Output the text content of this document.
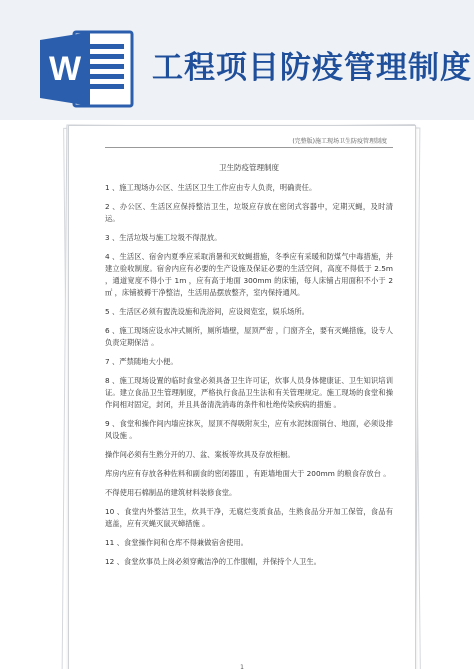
W 工程项目防疫管理制度
(完整版)施工现场卫生防疫管理制度
卫生防疫管理制度

1 、施工现场办公区、生活区卫生工作应由专人负责，明确责任。

2 、办公区、生活区应保持整洁卫生，垃圾应存放在密闭式容器中，定期灭蝇，及时清运。

3 、生活垃圾与施工垃圾不得混放。

4 、生活区、宿舍内夏季应采取消暑和灭蚊蝇措施，冬季应有采暖和防煤气中毒措施，并建立验收制度。宿舍内应有必要的生产设施及保证必要的生活空间，高度不得低于 2.5m ，通道宽度不得小于 1m ，应有高于地面 300mm 的床铺，每人床铺占用面积不小于 2 ㎡ ，床铺被褥干净整洁，生活用品摆放整齐，室内保持通风。

5 、生活区必须有盥洗设施和洗浴间，应设阅览室，娱乐场所。

6 、施工现场应设水冲式厕所，厕所墙壁，屋顶严密 ，门窗齐全，要有灭蝇措施，设专人负责定期保洁 。

7 、严禁随地大小便。

8 、施工现场设置的临时食堂必须具备卫生许可证，炊事人员身体健康证、卫生知识培训证。建立食品卫生管理制度，严格执行食品卫生法和有关管理规定。施工现场的食堂和操作间相对固定，封闭，并且具备清洗消毒的条件和杜绝传染疾病的措施 。

9 、食堂和操作间内墙应抹灰，屋顶不得吸附灰尘，应有水泥抹面锅台、地面，必须设排风设施 。

操作间必须有生熟分开的刀、盆、案板等炊具及存放柜橱。

库房内应有存放各种佐料和副食的密闭器皿 ，有距墙地面大于 200mm 的粮食存放台 。

不得使用石棉制品的建筑材料装修食堂。

10 、食堂内外整洁卫生，炊具干净，无腐烂变质食品，生熟食品分开加工保管，食品有遮盖，应有灭蝇灭鼠灭蟑措施 。

11 、食堂操作间和仓库不得兼做宿舍使用。

12 、食堂炊事员上岗必须穿戴洁净的工作服帽，并保持个人卫生。

1
